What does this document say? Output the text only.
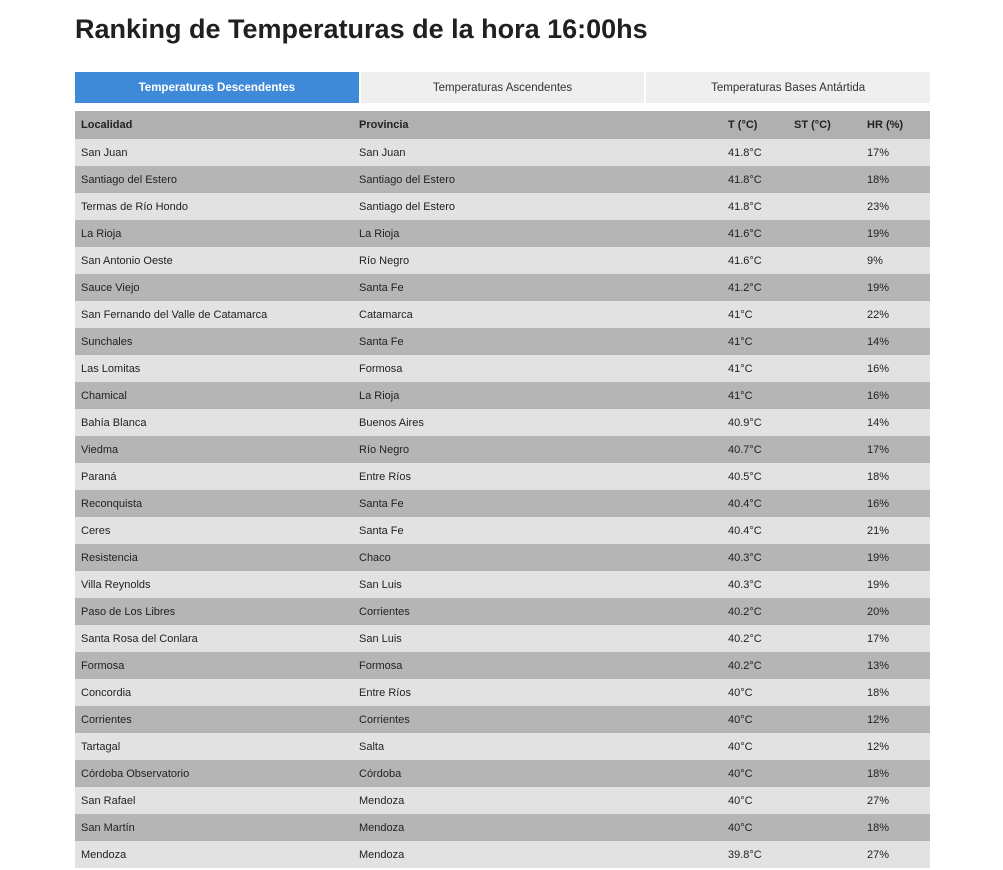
Ranking de Temperaturas de la hora 16:00hs
Temperaturas Descendentes	Temperaturas Ascendentes	Temperaturas Bases Antártida
Localidad	Provincia	T (°C)	ST (°C)	HR (%)
San Juan	San Juan	41.8°C		17%
Santiago del Estero	Santiago del Estero	41.8°C		18%
Termas de Río Hondo	Santiago del Estero	41.8°C		23%
La Rioja	La Rioja	41.6°C		19%
San Antonio Oeste	Río Negro	41.6°C		9%
Sauce Viejo	Santa Fe	41.2°C		19%
San Fernando del Valle de Catamarca	Catamarca	41°C		22%
Sunchales	Santa Fe	41°C		14%
Las Lomitas	Formosa	41°C		16%
Chamical	La Rioja	41°C		16%
Bahía Blanca	Buenos Aires	40.9°C		14%
Viedma	Río Negro	40.7°C		17%
Paraná	Entre Ríos	40.5°C		18%
Reconquista	Santa Fe	40.4°C		16%
Ceres	Santa Fe	40.4°C		21%
Resistencia	Chaco	40.3°C		19%
Villa Reynolds	San Luis	40.3°C		19%
Paso de Los Libres	Corrientes	40.2°C		20%
Santa Rosa del Conlara	San Luis	40.2°C		17%
Formosa	Formosa	40.2°C		13%
Concordia	Entre Ríos	40°C		18%
Corrientes	Corrientes	40°C		12%
Tartagal	Salta	40°C		12%
Córdoba Observatorio	Córdoba	40°C		18%
San Rafael	Mendoza	40°C		27%
San Martín	Mendoza	40°C		18%
Mendoza	Mendoza	39.8°C		27%
